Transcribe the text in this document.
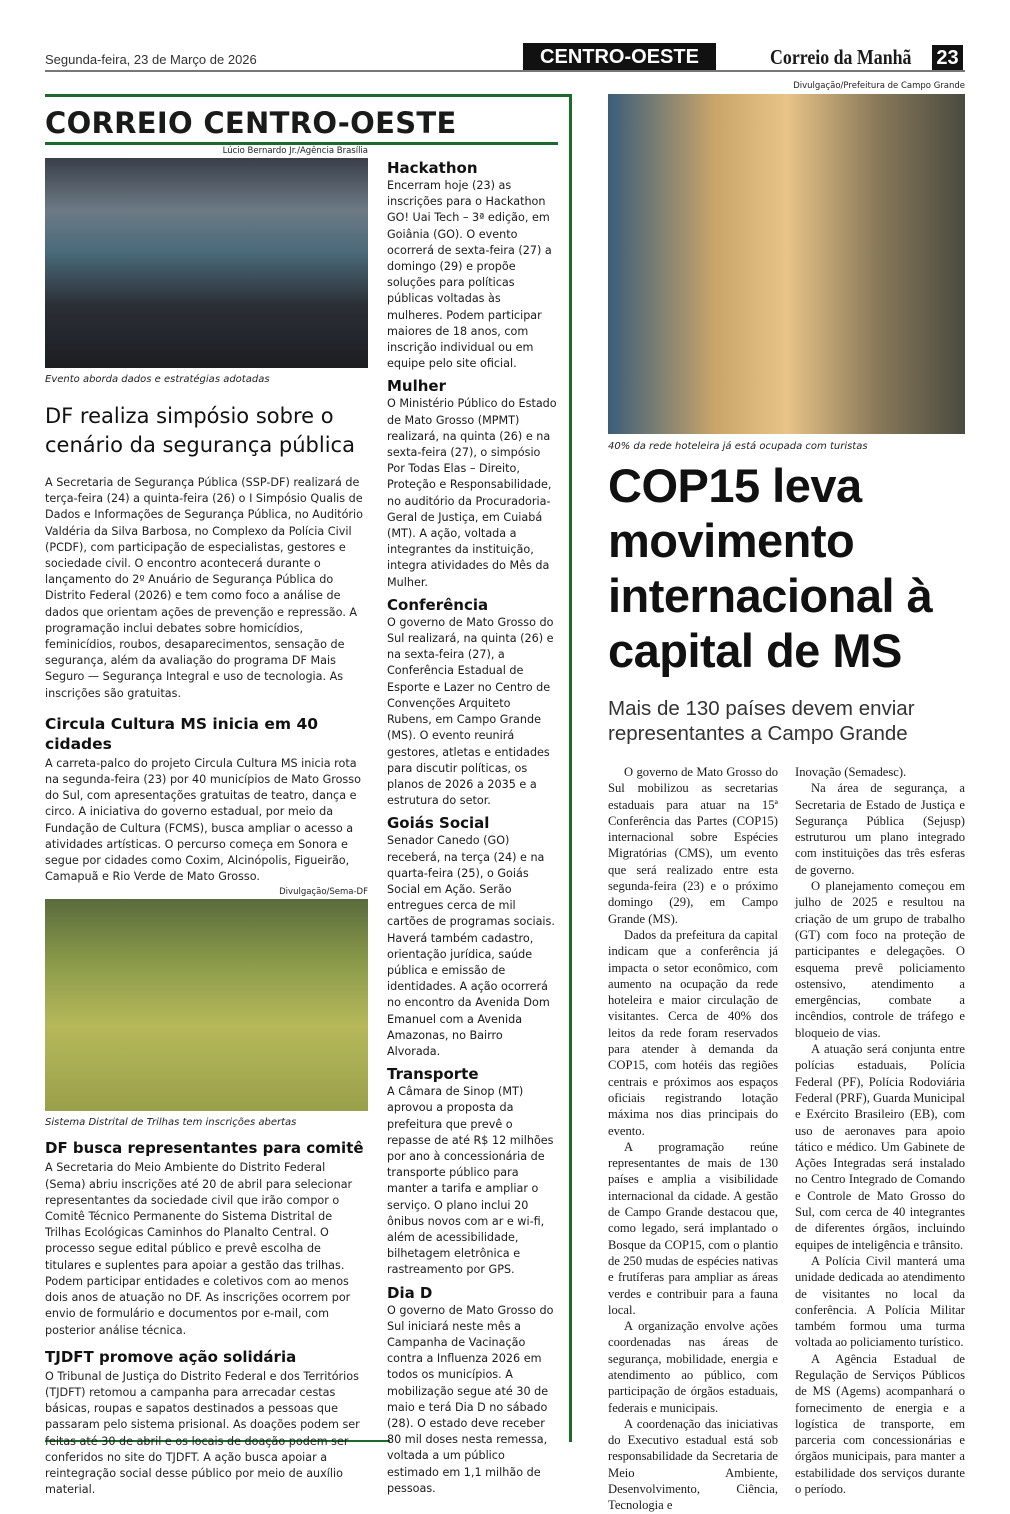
Segunda-feira, 23 de Março de 2026	CENTRO-OESTE	Correio da Manhã 23
CORREIO CENTRO-OESTE
Lúcio Bernardo Jr./Agência Brasília
Evento aborda dados e estratégias adotadas
DF realiza simpósio sobre o cenário da segurança pública

A Secretaria de Segurança Pública (SSP-DF) realizará de terça-feira (24) a quinta-feira (26) o I Simpósio Qualis de Dados e Informações de Segurança Pública, no Auditório Valdéria da Silva Barbosa, no Complexo da Polícia Civil (PCDF), com participação de especialistas, gestores e sociedade civil. O encontro acontecerá durante o lançamento do 2º Anuário de Segurança Pública do Distrito Federal (2026) e tem como foco a análise de dados que orientam ações de prevenção e repressão. A programação inclui debates sobre homicídios, feminicídios, roubos, desaparecimentos, sensação de segurança, além da avaliação do programa DF Mais Seguro — Segurança Integral e uso de tecnologia. As inscrições são gratuitas.

Circula Cultura MS inicia em 40 cidades

A carreta-palco do projeto Circula Cultura MS inicia rota na segunda-feira (23) por 40 municípios de Mato Grosso do Sul, com apresentações gratuitas de teatro, dança e circo. A iniciativa do governo estadual, por meio da Fundação de Cultura (FCMS), busca ampliar o acesso a atividades artísticas. O percurso começa em Sonora e segue por cidades como Coxim, Alcinópolis, Figueirão, Camapuã e Rio Verde de Mato Grosso.

Divulgação/Sema-DF
Sistema Distrital de Trilhas tem inscrições abertas
DF busca representantes para comitê

A Secretaria do Meio Ambiente do Distrito Federal (Sema) abriu inscrições até 20 de abril para selecionar representantes da sociedade civil que irão compor o Comitê Técnico Permanente do Sistema Distrital de Trilhas Ecológicas Caminhos do Planalto Central. O processo segue edital público e prevê escolha de titulares e suplentes para apoiar a gestão das trilhas. Podem participar entidades e coletivos com ao menos dois anos de atuação no DF. As inscrições ocorrem por envio de formulário e documentos por e-mail, com posterior análise técnica.

TJDFT promove ação solidária

O Tribunal de Justiça do Distrito Federal e dos Territórios (TJDFT) retomou a campanha para arrecadar cestas básicas, roupas e sapatos destinados a pessoas que passaram pelo sistema prisional. As doações podem ser feitas até 30 de abril e os locais de doação podem ser conferidos no site do TJDFT. A ação busca apoiar a reintegração social desse público por meio de auxílio material.

Hackathon

Encerram hoje (23) as inscrições para o Hackathon GO! Uai Tech – 3ª edição, em Goiânia (GO). O evento ocorrerá de sexta-feira (27) a domingo (29) e propõe soluções para políticas públicas voltadas às mulheres. Podem participar maiores de 18 anos, com inscrição individual ou em equipe pelo site oficial.

Mulher

O Ministério Público do Estado de Mato Grosso (MPMT) realizará, na quinta (26) e na sexta-feira (27), o simpósio Por Todas Elas – Direito, Proteção e Responsabilidade, no auditório da Procuradoria-Geral de Justiça, em Cuiabá (MT). A ação, voltada a integrantes da instituição, integra atividades do Mês da Mulher.

Conferência

O governo de Mato Grosso do Sul realizará, na quinta (26) e na sexta-feira (27), a Conferência Estadual de Esporte e Lazer no Centro de Convenções Arquiteto Rubens, em Campo Grande (MS). O evento reunirá gestores, atletas e entidades para discutir políticas, os planos de 2026 a 2035 e a estrutura do setor.

Goiás Social

Senador Canedo (GO) receberá, na terça (24) e na quarta-feira (25), o Goiás Social em Ação. Serão entregues cerca de mil cartões de programas sociais. Haverá também cadastro, orientação jurídica, saúde pública e emissão de identidades. A ação ocorrerá no encontro da Avenida Dom Emanuel com a Avenida Amazonas, no Bairro Alvorada.

Transporte

A Câmara de Sinop (MT) aprovou a proposta da prefeitura que prevê o repasse de até R$ 12 milhões por ano à concessionária de transporte público para manter a tarifa e ampliar o serviço. O plano inclui 20 ônibus novos com ar e wi-fi, além de acessibilidade, bilhetagem eletrônica e rastreamento por GPS.

Dia D

O governo de Mato Grosso do Sul iniciará neste mês a Campanha de Vacinação contra a Influenza 2026 em todos os municípios. A mobilização segue até 30 de maio e terá Dia D no sábado (28). O estado deve receber 80 mil doses nesta remessa, voltada a um público estimado em 1,1 milhão de pessoas.

Divulgação/Prefeitura de Campo Grande
40% da rede hoteleira já está ocupada com turistas
COP15 leva movimento internacional à capital de MS
Mais de 130 países devem enviar representantes a Campo Grande

O governo de Mato Grosso do Sul mobilizou as secretarias estaduais para atuar na 15ª Conferência das Partes (COP15) internacional sobre Espécies Migratórias (CMS), um evento que será realizado entre esta segunda-feira (23) e o próximo domingo (29), em Campo Grande (MS).

Dados da prefeitura da capital indicam que a conferência já impacta o setor econômico, com aumento na ocupação da rede hoteleira e maior circulação de visitantes. Cerca de 40% dos leitos da rede foram reservados para atender à demanda da COP15, com hotéis das regiões centrais e próximos aos espaços oficiais registrando lotação máxima nos dias principais do evento.

A programação reúne representantes de mais de 130 países e amplia a visibilidade internacional da cidade. A gestão de Campo Grande destacou que, como legado, será implantado o Bosque da COP15, com o plantio de 250 mudas de espécies nativas e frutíferas para ampliar as áreas verdes e contribuir para a fauna local.

A organização envolve ações coordenadas nas áreas de segurança, mobilidade, energia e atendimento ao público, com participação de órgãos estaduais, federais e municipais.

A coordenação das iniciativas do Executivo estadual está sob responsabilidade da Secretaria de Meio Ambiente, Desenvolvimento, Ciência, Tecnologia e

Inovação (Semadesc).

Na área de segurança, a Secretaria de Estado de Justiça e Segurança Pública (Sejusp) estruturou um plano integrado com instituições das três esferas de governo.

O planejamento começou em julho de 2025 e resultou na criação de um grupo de trabalho (GT) com foco na proteção de participantes e delegações. O esquema prevê policiamento ostensivo, atendimento a emergências, combate a incêndios, controle de tráfego e bloqueio de vias.

A atuação será conjunta entre polícias estaduais, Polícia Federal (PF), Polícia Rodoviária Federal (PRF), Guarda Municipal e Exército Brasileiro (EB), com uso de aeronaves para apoio tático e médico. Um Gabinete de Ações Integradas será instalado no Centro Integrado de Comando e Controle de Mato Grosso do Sul, com cerca de 40 integrantes de diferentes órgãos, incluindo equipes de inteligência e trânsito.

A Polícia Civil manterá uma unidade dedicada ao atendimento de visitantes no local da conferência. A Polícia Militar também formou uma turma voltada ao policiamento turístico.

A Agência Estadual de Regulação de Serviços Públicos de MS (Agems) acompanhará o fornecimento de energia e a logística de transporte, em parceria com concessionárias e órgãos municipais, para manter a estabilidade dos serviços durante o período.
